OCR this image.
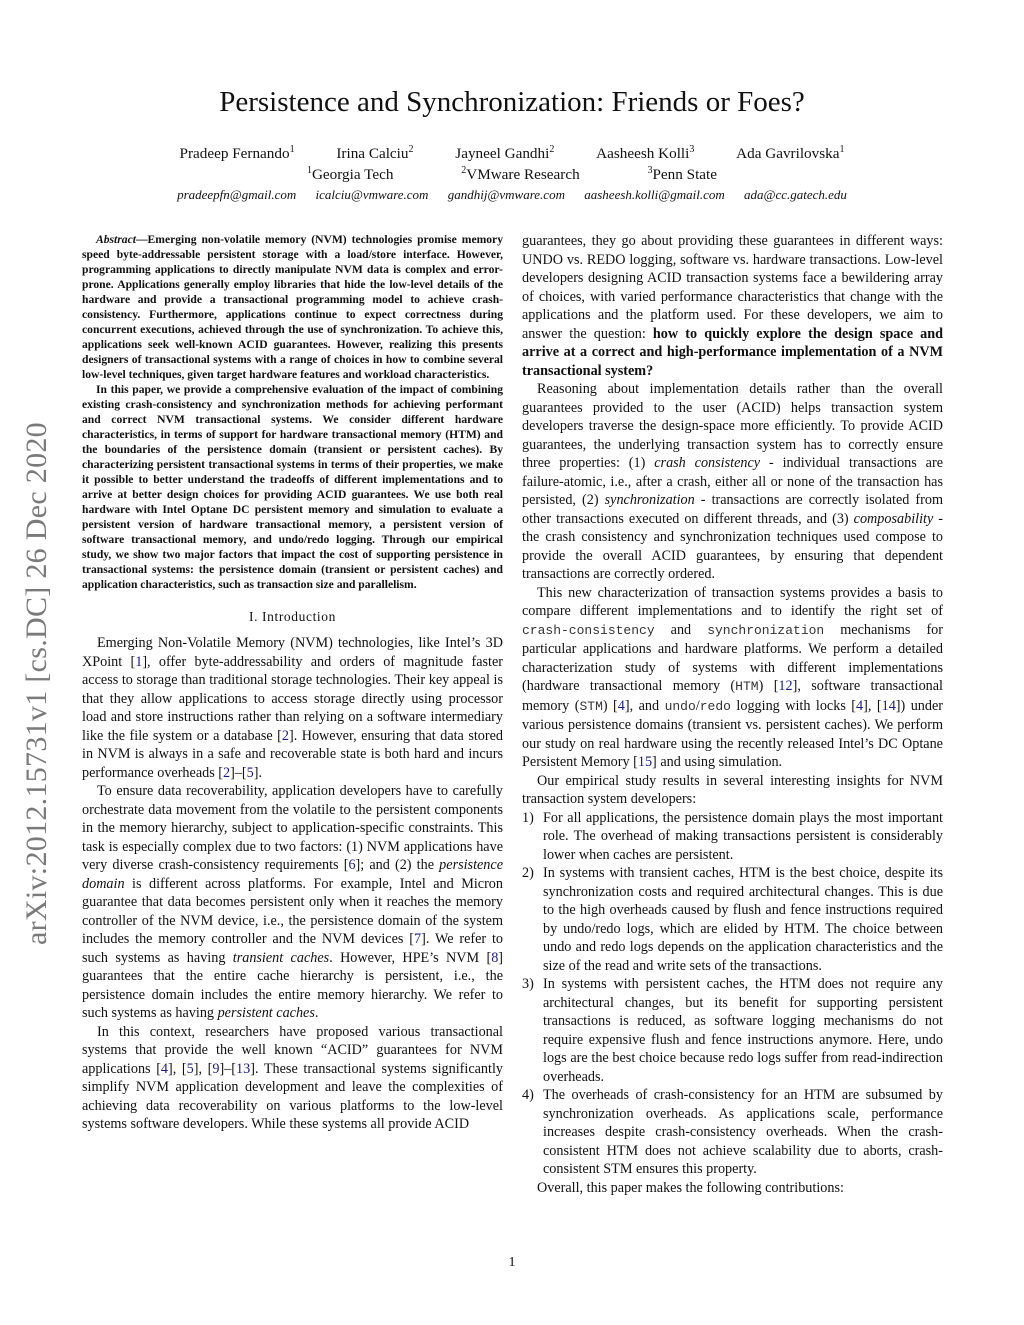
Persistence and Synchronization: Friends or Foes?
Pradeep Fernando$^1$	Irina Calciu$^2$	Jayneel Gandhi$^2$	Aasheesh Kolli$^3$	Ada Gavrilovska$^1$
$^1$Georgia Tech	$^2$VMware Research	$^3$Penn State
pradeepfn@gmail.com icalciu@vmware.com gandhij@vmware.com aasheesh.kolli@gmail.com ada@cc.gatech.edu
arXiv:2012.15731v1 [cs.DC] 26 Dec 2020

Abstract—Emerging non-volatile memory (NVM) technologies promise memory speed byte-addressable persistent storage with a load/store interface. However, programming applications to directly manipulate NVM data is complex and error-prone. Applications generally employ libraries that hide the low-level details of the hardware and provide a transactional programming model to achieve crash-consistency. Furthermore, applications continue to expect correctness during concurrent executions, achieved through the use of synchronization. To achieve this, applications seek well-known ACID guarantees. However, realizing this presents designers of transactional systems with a range of choices in how to combine several low-level techniques, given target hardware features and workload characteristics.

In this paper, we provide a comprehensive evaluation of the impact of combining existing crash-consistency and synchronization methods for achieving performant and correct NVM transactional systems. We consider different hardware characteristics, in terms of support for hardware transactional memory (HTM) and the boundaries of the persistence domain (transient or persistent caches). By characterizing persistent transactional systems in terms of their properties, we make it possible to better understand the tradeoffs of different implementations and to arrive at better design choices for providing ACID guarantees. We use both real hardware with Intel Optane DC persistent memory and simulation to evaluate a persistent version of hardware transactional memory, a persistent version of software transactional memory, and undo/redo logging. Through our empirical study, we show two major factors that impact the cost of supporting persistence in transactional systems: the persistence domain (transient or persistent caches) and application characteristics, such as transaction size and parallelism.

I. Introduction

Emerging Non-Volatile Memory (NVM) technologies, like Intel’s 3D XPoint [1], offer byte-addressability and orders of magnitude faster access to storage than traditional storage technologies. Their key appeal is that they allow applications to access storage directly using processor load and store instructions rather than relying on a software intermediary like the file system or a database [2]. However, ensuring that data stored in NVM is always in a safe and recoverable state is both hard and incurs performance overheads [2]–[5].

To ensure data recoverability, application developers have to carefully orchestrate data movement from the volatile to the persistent components in the memory hierarchy, subject to application-specific constraints. This task is especially complex due to two factors: (1) NVM applications have very diverse crash-consistency requirements [6]; and (2) the persistence domain is different across platforms. For example, Intel and Micron guarantee that data becomes persistent only when it reaches the memory controller of the NVM device, i.e., the persistence domain of the system includes the memory controller and the NVM devices [7]. We refer to such systems as having transient caches. However, HPE’s NVM [8] guarantees that the entire cache hierarchy is persistent, i.e., the persistence domain includes the entire memory hierarchy. We refer to such systems as having persistent caches.

In this context, researchers have proposed various transactional systems that provide the well known “ACID” guarantees for NVM applications [4], [5], [9]–[13]. These transactional systems significantly simplify NVM application development and leave the complexities of achieving data recoverability on various platforms to the low-level systems software developers. While these systems all provide ACID

guarantees, they go about providing these guarantees in different ways: UNDO vs. REDO logging, software vs. hardware transactions. Low-level developers designing ACID transaction systems face a bewildering array of choices, with varied performance characteristics that change with the applications and the platform used. For these developers, we aim to answer the question: how to quickly explore the design space and arrive at a correct and high-performance implementation of a NVM transactional system?

Reasoning about implementation details rather than the overall guarantees provided to the user (ACID) helps transaction system developers traverse the design-space more efficiently. To provide ACID guarantees, the underlying transaction system has to correctly ensure three properties: (1) crash consistency - individual transactions are failure-atomic, i.e., after a crash, either all or none of the transaction has persisted, (2) synchronization - transactions are correctly isolated from other transactions executed on different threads, and (3) composability - the crash consistency and synchronization techniques used compose to provide the overall ACID guarantees, by ensuring that dependent transactions are correctly ordered.

This new characterization of transaction systems provides a basis to compare different implementations and to identify the right set of crash-consistency and synchronization mechanisms for particular applications and hardware platforms. We perform a detailed characterization study of systems with different implementations (hardware transactional memory (HTM) [12], software transactional memory (STM) [4], and undo/redo logging with locks [4], [14]) under various persistence domains (transient vs. persistent caches). We perform our study on real hardware using the recently released Intel’s DC Optane Persistent Memory [15] and using simulation.

Our empirical study results in several interesting insights for NVM transaction system developers:

1) For all applications, the persistence domain plays the most important role. The overhead of making transactions persistent is considerably lower when caches are persistent.
2) In systems with transient caches, HTM is the best choice, despite its synchronization costs and required architectural changes. This is due to the high overheads caused by flush and fence instructions required by undo/redo logs, which are elided by HTM. The choice between undo and redo logs depends on the application characteristics and the size of the read and write sets of the transactions.
3) In systems with persistent caches, the HTM does not require any architectural changes, but its benefit for supporting persistent transactions is reduced, as software logging mechanisms do not require expensive flush and fence instructions anymore. Here, undo logs are the best choice because redo logs suffer from read-indirection overheads.
4) The overheads of crash-consistency for an HTM are subsumed by synchronization overheads. As applications scale, performance increases despite crash-consistency overheads. When the crash-consistent HTM does not achieve scalability due to aborts, crash-consistent STM ensures this property.

Overall, this paper makes the following contributions:

1
